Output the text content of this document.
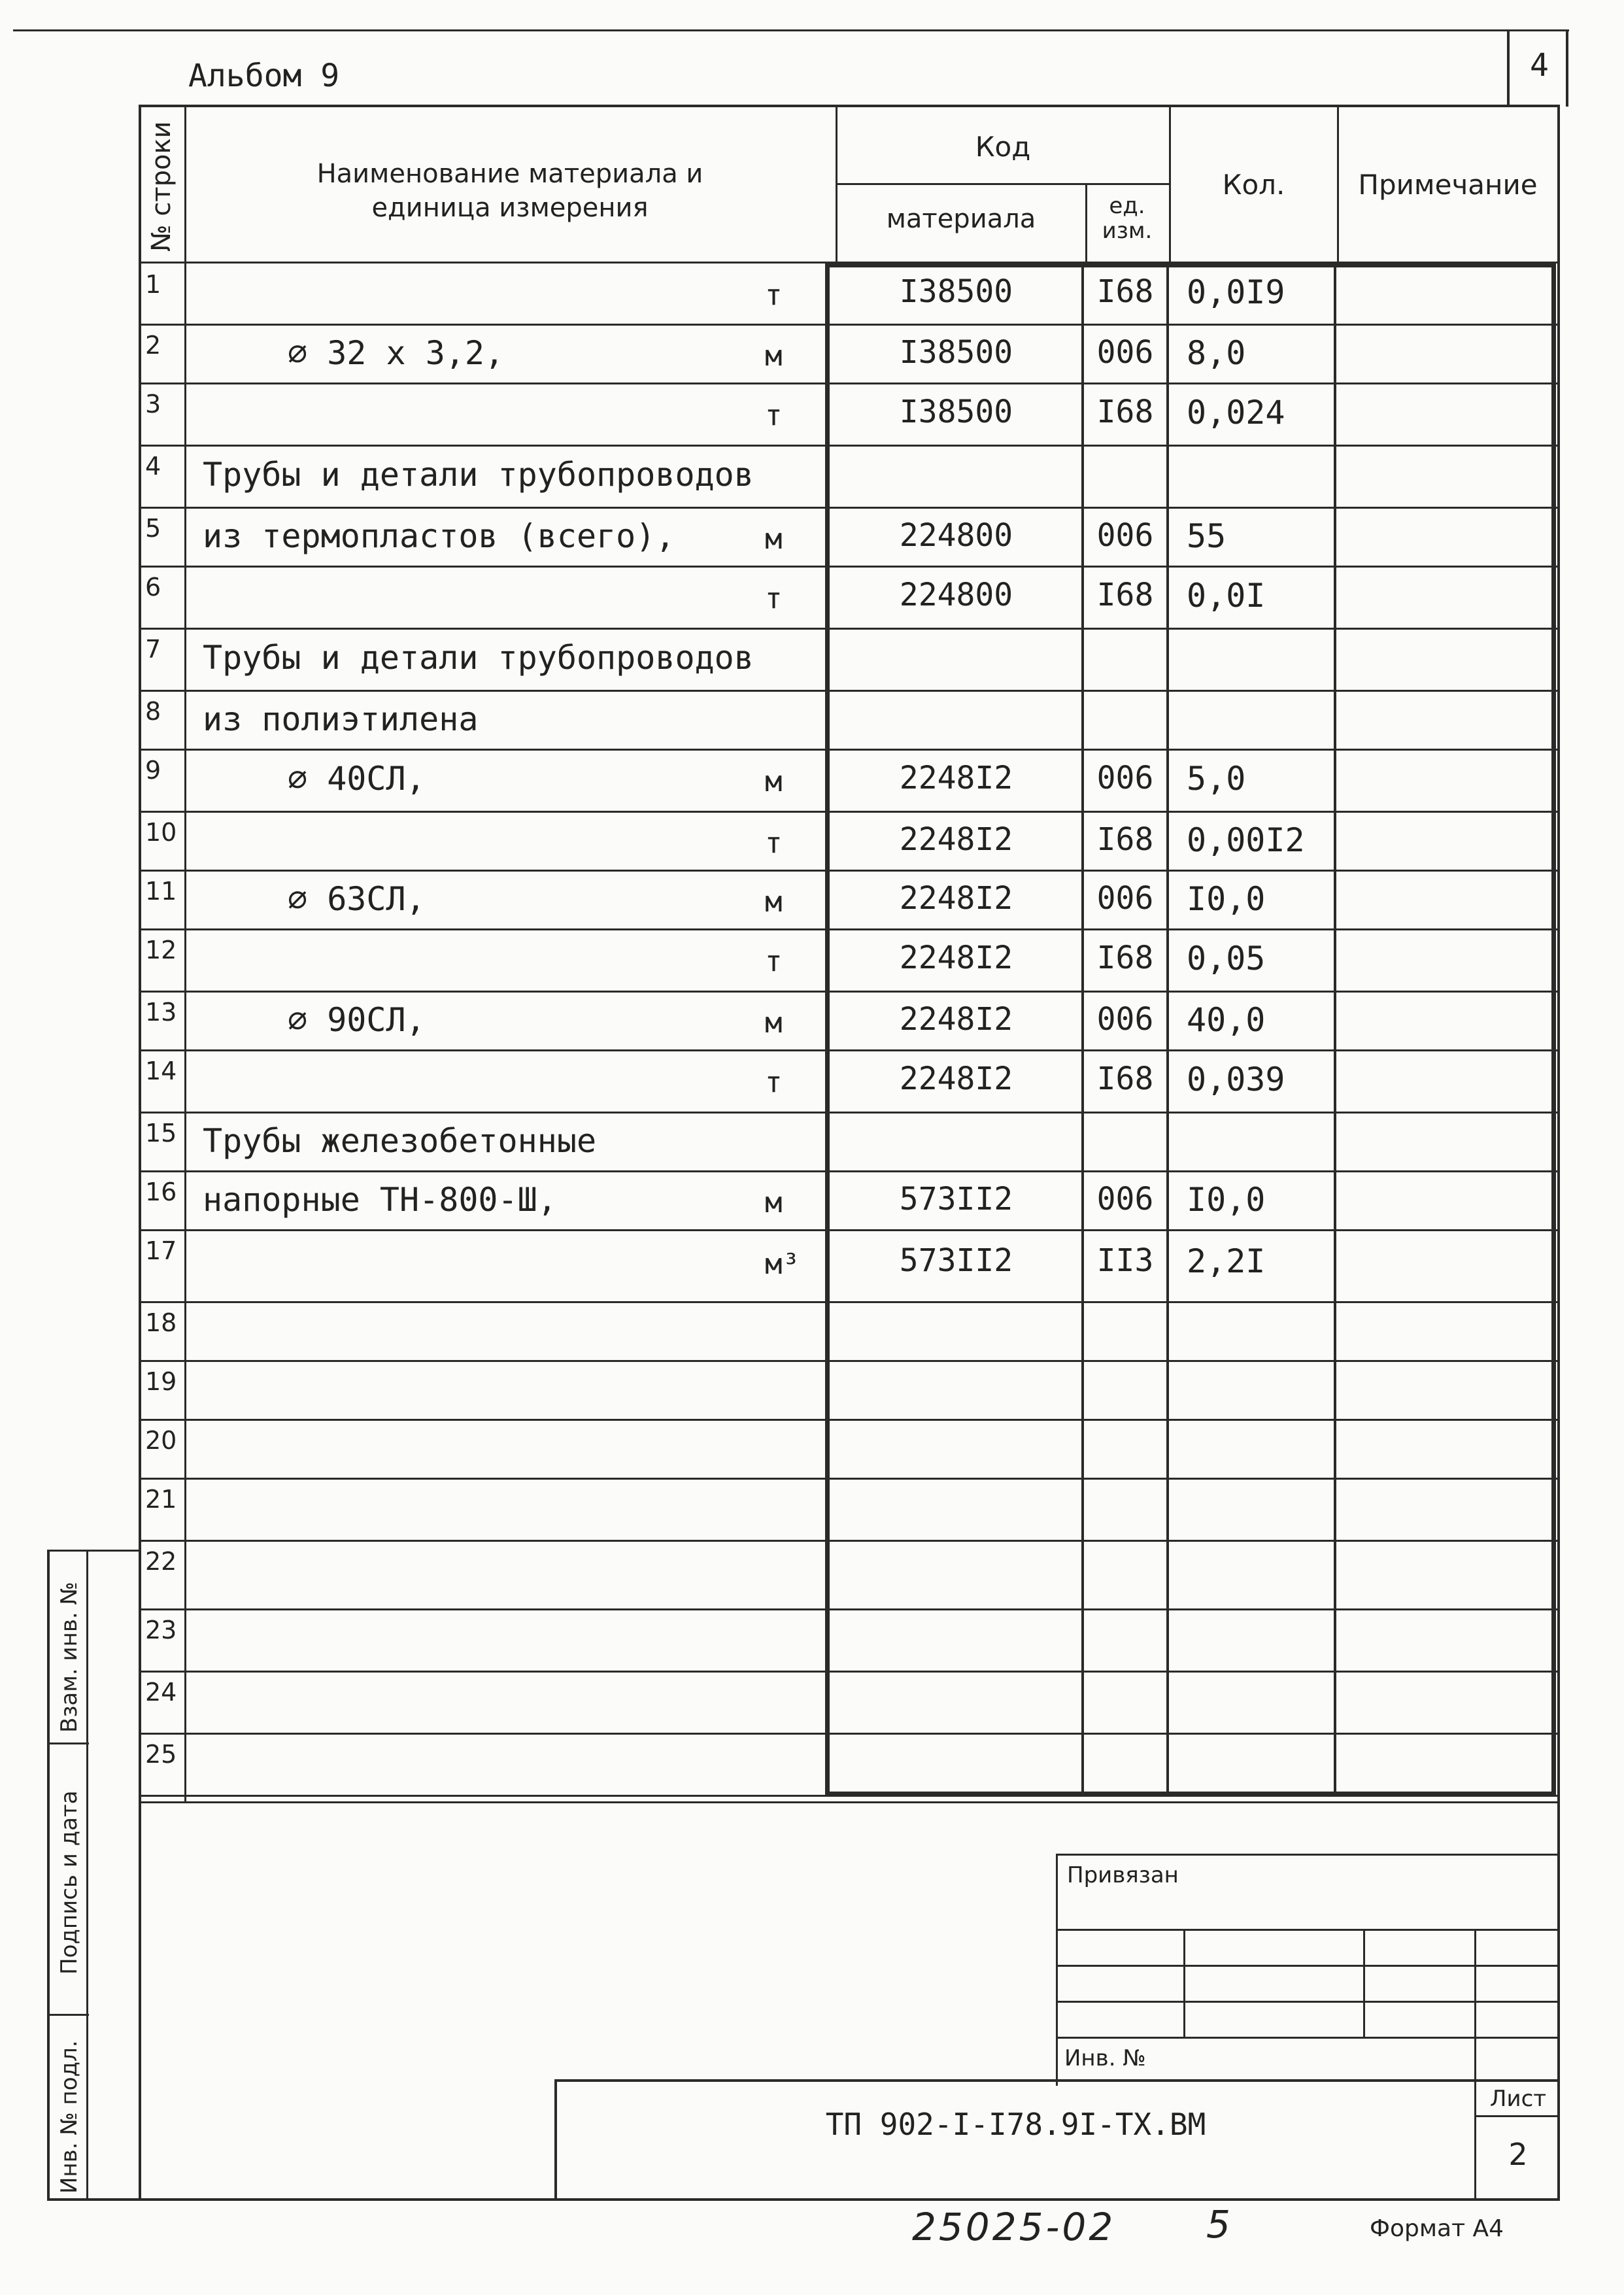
4
Альбом 9
№ строки	Наименование материала и единица измерения
Код
материала	ед. изм.
Кол.	Примечание
1	т	I38500	I68	0,0I9
2	⌀ 32 х 3,2,	м	I38500	006	8,0
3	т	I38500	I68	0,024
4 Трубы и детали трубопроводов
5 из термопластов (всего),	м	224800	006	55
6	т	224800	I68	0,0I
7 Трубы и детали трубопроводов
8 из полиэтилена
9	⌀ 40СЛ,	м	2248I2	006	5,0
10	т	2248I2	I68	0,00I2
11	⌀ 63СЛ,	м	2248I2	006	I0,0
12	т	2248I2	I68	0,05
13	⌀ 90СЛ,	м	2248I2	006	40,0
14	т	2248I2	I68	0,039
15 Трубы железобетонные
16 напорные ТН-800-Ш,	м	573II2	006	I0,0
17	м³	573II2	II3	2,2I
18
19
20
21
22
23
24
25
Взам. инв. №
Подпись и дата
Инв. № подл.
Привязан
Инв. №
ТП 902-I-I78.9I-ТХ.ВМ
Лист
2
25025-02 5	Формат А4
